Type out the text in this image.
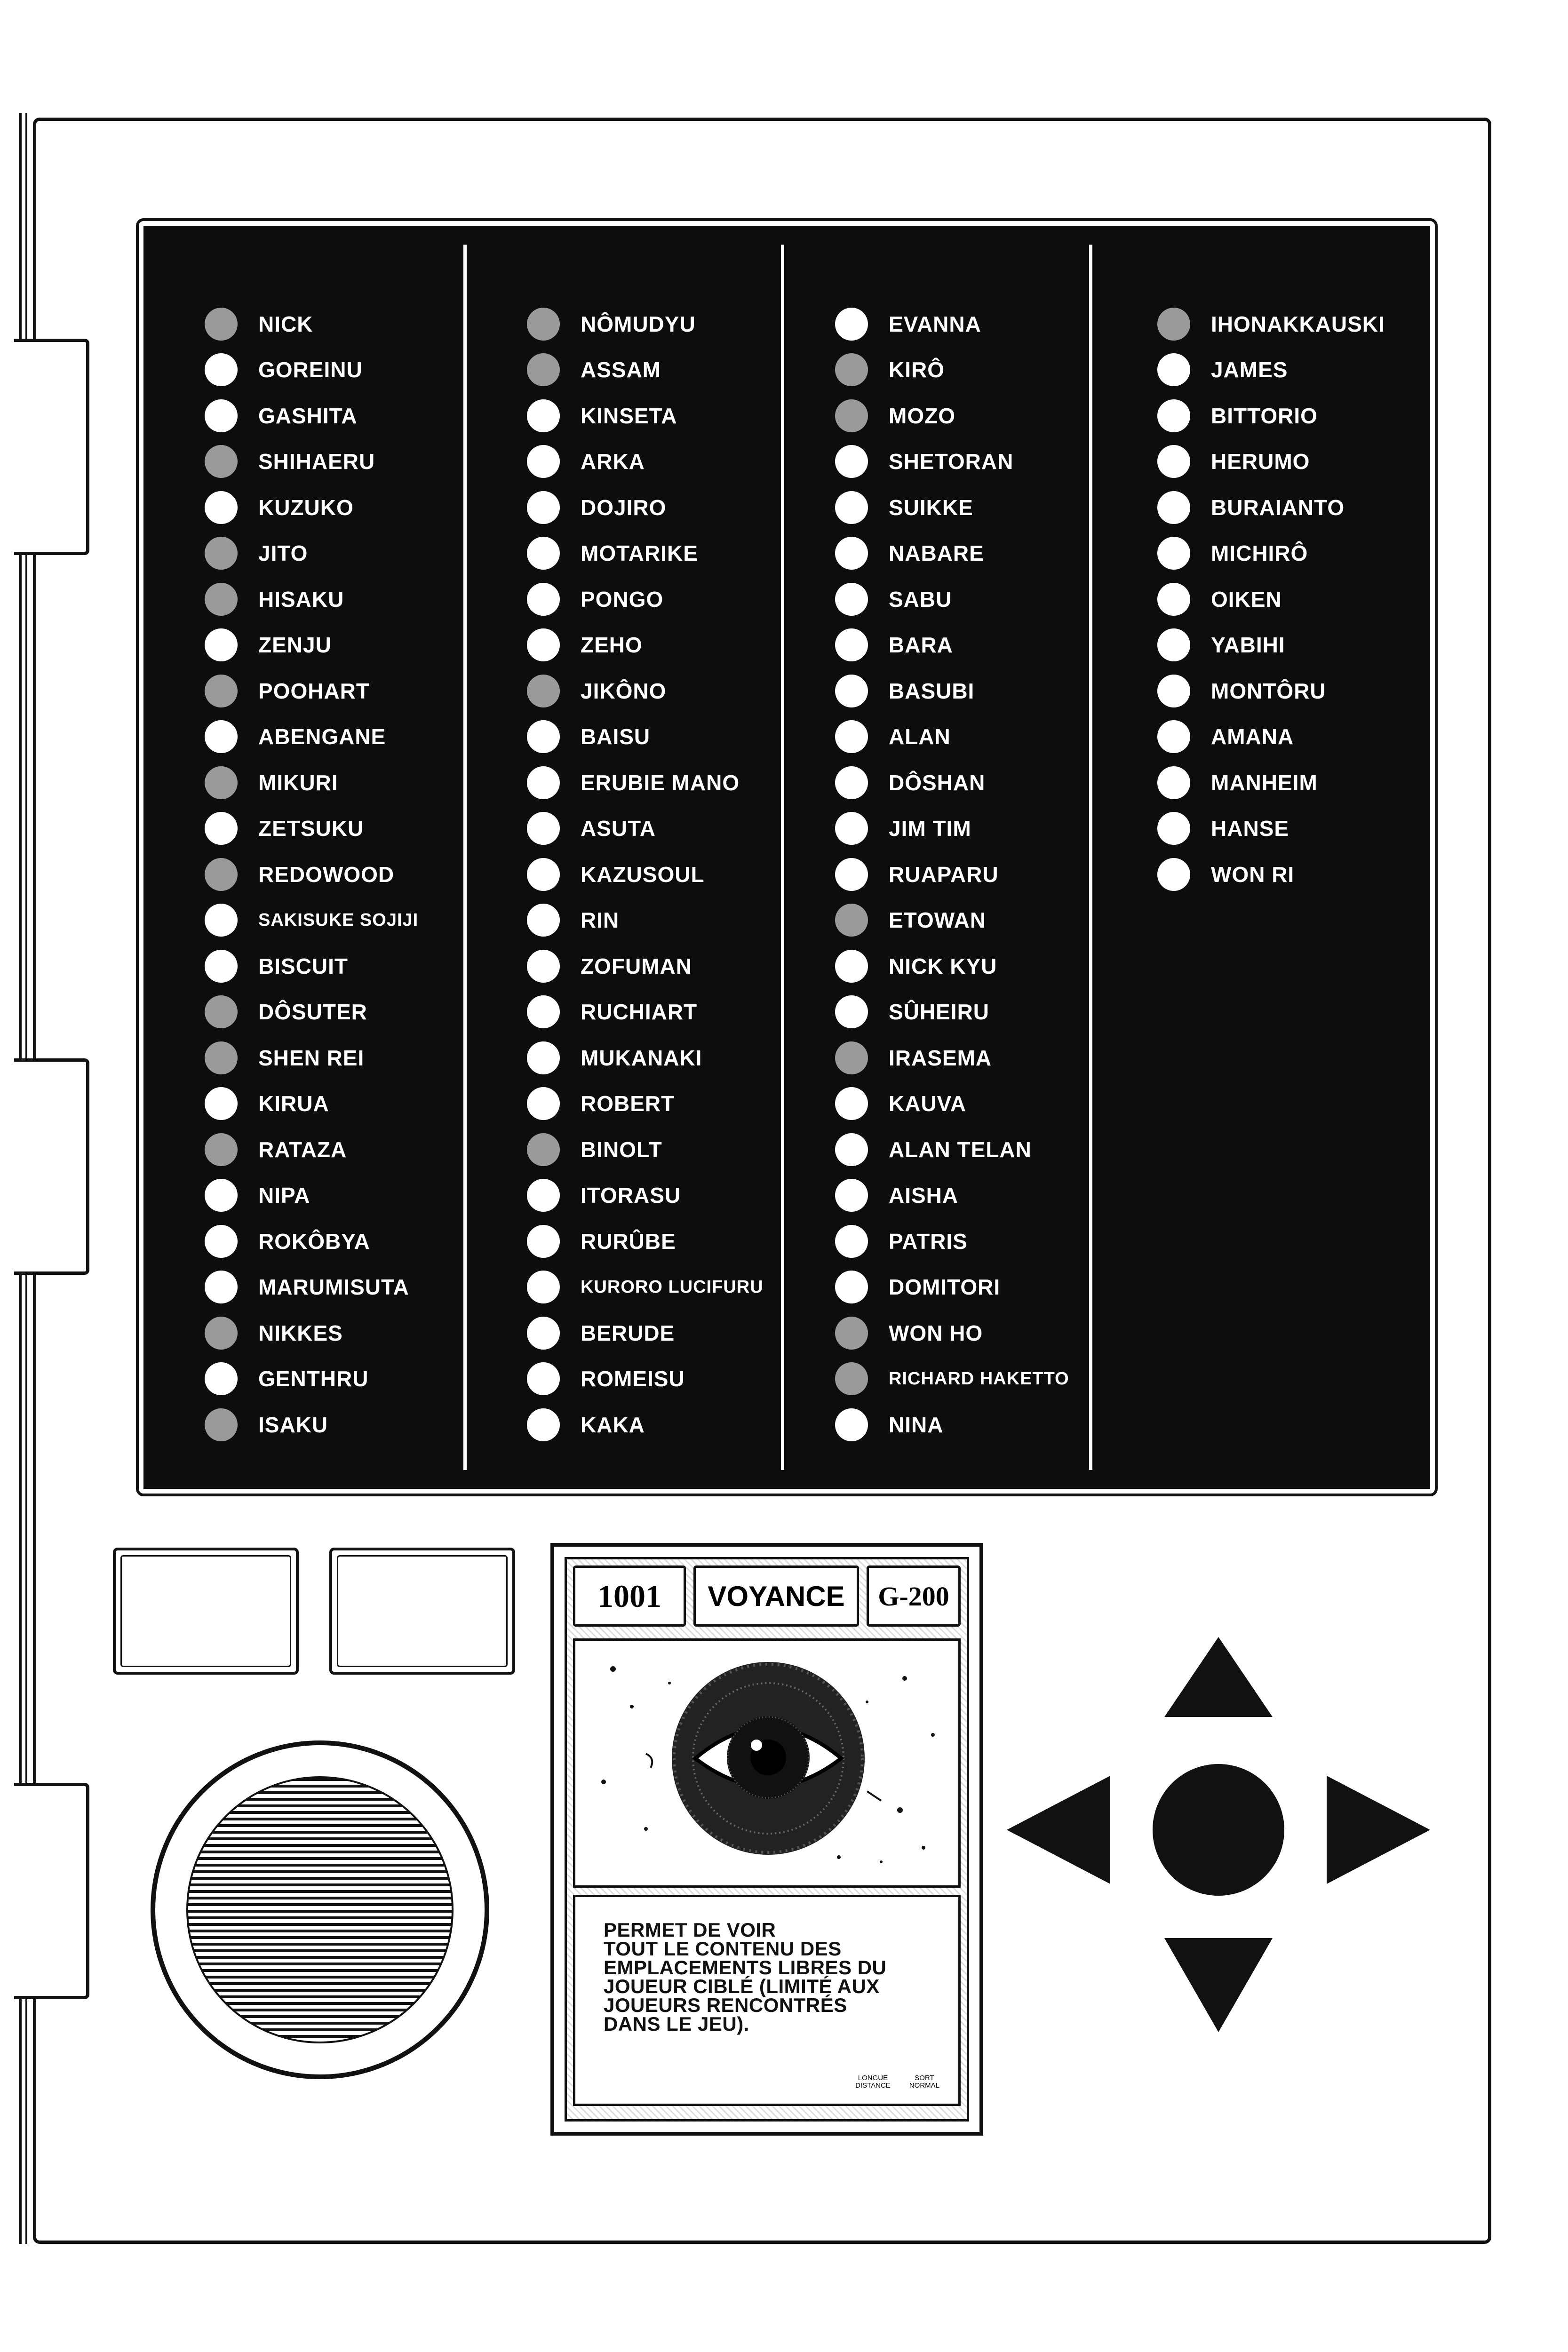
NICK
GOREINU
GASHITA
SHIHAERU
KUZUKO
JITO
HISAKU
ZENJU
POOHART
ABENGANE
MIKURI
ZETSUKU
REDOWOOD
SAKISUKE SOJIJI
BISCUIT
DÔSUTER
SHEN REI
KIRUA
RATAZA
NIPA
ROKÔBYA
MARUMISUTA
NIKKES
GENTHRU
ISAKU
NÔMUDYU
ASSAM
KINSETA
ARKA
DOJIRO
MOTARIKE
PONGO
ZEHO
JIKÔNO
BAISU
ERUBIE MANO
ASUTA
KAZUSOUL
RIN
ZOFUMAN
RUCHIART
MUKANAKI
ROBERT
BINOLT
ITORASU
RURÛBE
KURORO LUCIFURU
BERUDE
ROMEISU
KAKA
EVANNA
KIRÔ
MOZO
SHETORAN
SUIKKE
NABARE
SABU
BARA
BASUBI
ALAN
DÔSHAN
JIM TIM
RUAPARU
ETOWAN
NICK KYU
SÛHEIRU
IRASEMA
KAUVA
ALAN TELAN
AISHA
PATRIS
DOMITORI
WON HO
RICHARD HAKETTO
NINA
IHONAKKAUSKI
JAMES
BITTORIO
HERUMO
BURAIANTO
MICHIRÔ
OIKEN
YABIHI
MONTÔRU
AMANA
MANHEIM
HANSE
WON RI
1001	VOYANCE	G-200

PERMET DE VOIR
TOUT LE CONTENU DES
EMPLACEMENTS LIBRES DU
JOUEUR CIBLÉ (LIMITÉ AUX
JOUEURS RENCONTRÉS
DANS LE JEU).

LONGUE
DISTANCE
SORT
NORMAL
